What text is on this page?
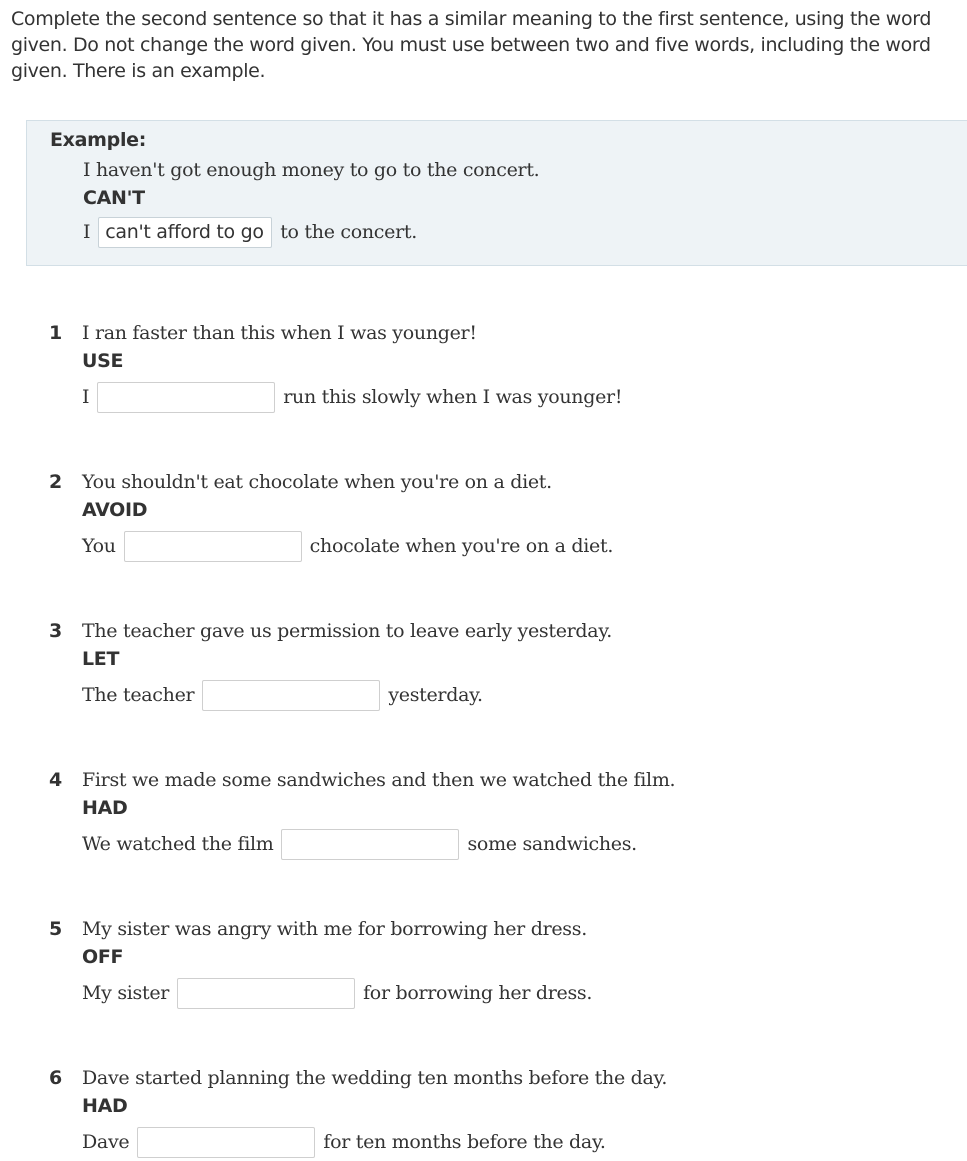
Complete the second sentence so that it has a similar meaning to the first sentence, using the word given. Do not change the word given. You must use between two and five words, including the word given. There is an example.
Example:
I haven't got enough money to go to the concert.
CAN'T
I can't afford to go to the concert.
1	I ran faster than this when I was younger!
USE
I	run this slowly when I was younger!
2	You shouldn't eat chocolate when you're on a diet.
AVOID
You	chocolate when you're on a diet.
3	The teacher gave us permission to leave early yesterday.
LET
The teacher	yesterday.
4	First we made some sandwiches and then we watched the film.
HAD
We watched the film	some sandwiches.
5	My sister was angry with me for borrowing her dress.
OFF
My sister	for borrowing her dress.
6	Dave started planning the wedding ten months before the day.
HAD
Dave	for ten months before the day.
